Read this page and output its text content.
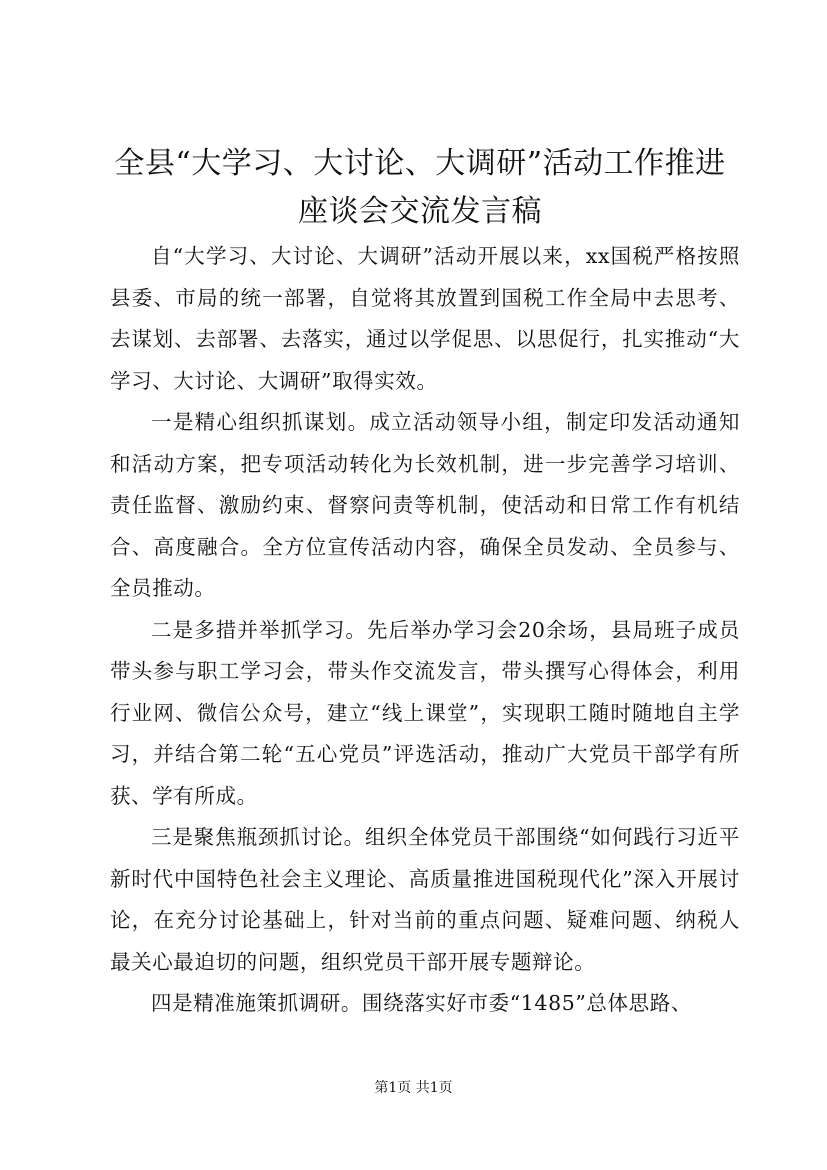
全县“大学习、大讨论、大调研”活动工作推进座谈会交流发言稿

自“大学习、大讨论、大调研”活动开展以来，xx国税严格按照县委、市局的统一部署，自觉将其放置到国税工作全局中去思考、去谋划、去部署、去落实，通过以学促思、以思促行，扎实推动“大学习、大讨论、大调研”取得实效。

一是精心组织抓谋划。成立活动领导小组，制定印发活动通知和活动方案，把专项活动转化为长效机制，进一步完善学习培训、责任监督、激励约束、督察问责等机制，使活动和日常工作有机结合、高度融合。全方位宣传活动内容，确保全员发动、全员参与、全员推动。

二是多措并举抓学习。先后举办学习会20余场，县局班子成员带头参与职工学习会，带头作交流发言，带头撰写心得体会，利用行业网、微信公众号，建立“线上课堂”，实现职工随时随地自主学习，并结合第二轮“五心党员”评选活动，推动广大党员干部学有所获、学有所成。

三是聚焦瓶颈抓讨论。组织全体党员干部围绕“如何践行习近平新时代中国特色社会主义理论、高质量推进国税现代化”深入开展讨论，在充分讨论基础上，针对当前的重点问题、疑难问题、纳税人最关心最迫切的问题，组织党员干部开展专题辩论。

四是精准施策抓调研。围绕落实好市委“1485”总体思路、

第1页 共1页
